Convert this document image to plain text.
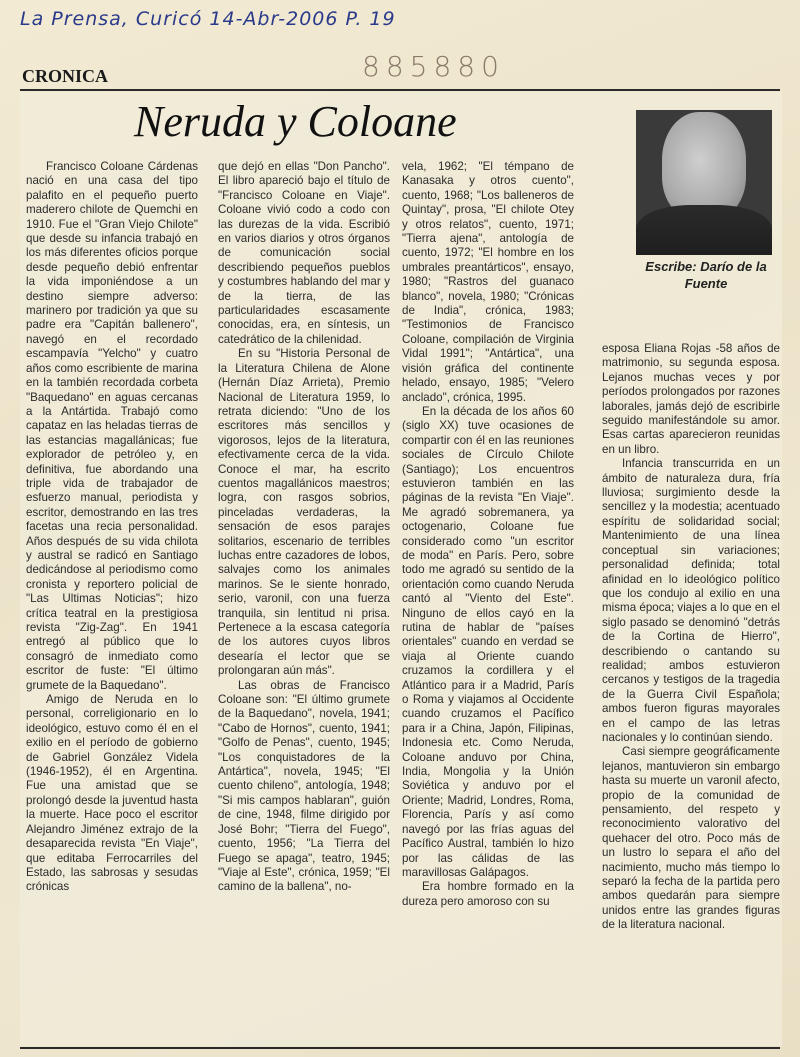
La Prensa, Curicó 14-Abr-2006 P. 19
885880
CRONICA
Neruda y Coloane
Escribe: Darío de la Fuente

Francisco Coloane Cárdenas nació en una casa del tipo palafito en el pequeño puerto maderero chilote de Quemchi en 1910. Fue el "Gran Viejo Chilote" que desde su infancia trabajó en los más diferentes oficios porque desde pequeño debió enfrentar la vida imponiéndose a un destino siempre adverso: marinero por tradición ya que su padre era "Capitán ballenero", navegó en el recordado escampavía "Yelcho" y cuatro años como escribiente de marina en la también recordada corbeta "Baquedano" en aguas cercanas a la Antártida. Trabajó como capataz en las heladas tierras de las estancias magallánicas; fue explorador de petróleo y, en definitiva, fue abordando una triple vida de trabajador de esfuerzo manual, periodista y escritor, demostrando en las tres facetas una recia personalidad. Años después de su vida chilota y austral se radicó en Santiago dedicándose al periodismo como cronista y reportero policial de "Las Ultimas Noticias"; hizo crítica teatral en la prestigiosa revista "Zig-Zag". En 1941 entregó al público que lo consagró de inmediato como escritor de fuste: "El último grumete de la Baquedano".

Amigo de Neruda en lo personal, correligionario en lo ideológico, estuvo como él en el exilio en el período de gobierno de Gabriel González Videla (1946-1952), él en Argentina. Fue una amistad que se prolongó desde la juventud hasta la muerte. Hace poco el escritor Alejandro Jiménez extrajo de la desaparecida revista "En Viaje", que editaba Ferrocarriles del Estado, las sabrosas y sesudas crónicas

que dejó en ellas "Don Pancho". El libro apareció bajo el título de "Francisco Coloane en Viaje". Coloane vivió codo a codo con las durezas de la vida. Escribió en varios diarios y otros órganos de comunicación social describiendo pequeños pueblos y costumbres hablando del mar y de la tierra, de las particularidades escasamente conocidas, era, en síntesis, un catedrático de la chilenidad.

En su "Historia Personal de la Literatura Chilena de Alone (Hernán Díaz Arrieta), Premio Nacional de Literatura 1959, lo retrata diciendo: "Uno de los escritores más sencillos y vigorosos, lejos de la literatura, efectivamente cerca de la vida. Conoce el mar, ha escrito cuentos magallánicos maestros; logra, con rasgos sobrios, pinceladas verdaderas, la sensación de esos parajes solitarios, escenario de terribles luchas entre cazadores de lobos, salvajes como los animales marinos. Se le siente honrado, serio, varonil, con una fuerza tranquila, sin lentitud ni prisa. Pertenece a la escasa categoría de los autores cuyos libros desearía el lector que se prolongaran aún más".

Las obras de Francisco Coloane son: "El último grumete de la Baquedano", novela, 1941; "Cabo de Hornos", cuento, 1941; "Golfo de Penas", cuento, 1945; "Los conquistadores de la Antártica", novela, 1945; "El cuento chileno", antología, 1948; "Si mis campos hablaran", guión de cine, 1948, filme dirigido por José Bohr; "Tierra del Fuego", cuento, 1956; "La Tierra del Fuego se apaga", teatro, 1945; "Viaje al Este", crónica, 1959; "El camino de la ballena", no-

vela, 1962; "El témpano de Kanasaka y otros cuento", cuento, 1968; "Los balleneros de Quintay", prosa, "El chilote Otey y otros relatos", cuento, 1971; "Tierra ajena", antología de cuento, 1972; "El hombre en los umbrales preantárticos", ensayo, 1980; "Rastros del guanaco blanco", novela, 1980; "Crónicas de India", crónica, 1983; "Testimonios de Francisco Coloane, compilación de Virginia Vidal 1991"; "Antártica", una visión gráfica del continente helado, ensayo, 1985; "Velero anclado", crónica, 1995.

En la década de los años 60 (siglo XX) tuve ocasiones de compartir con él en las reuniones sociales de Círculo Chilote (Santiago); Los encuentros estuvieron también en las páginas de la revista "En Viaje". Me agradó sobremanera, ya octogenario, Coloane fue considerado como "un escritor de moda" en París. Pero, sobre todo me agradó su sentido de la orientación como cuando Neruda cantó al "Viento del Este". Ninguno de ellos cayó en la rutina de hablar de "países orientales" cuando en verdad se viaja al Oriente cuando cruzamos la cordillera y el Atlántico para ir a Madrid, París o Roma y viajamos al Occidente cuando cruzamos el Pacífico para ir a China, Japón, Filipinas, Indonesia etc. Como Neruda, Coloane anduvo por China, India, Mongolia y la Unión Soviética y anduvo por el Oriente; Madrid, Londres, Roma, Florencia, París y así como navegó por las frías aguas del Pacífico Austral, también lo hizo por las cálidas de las maravillosas Galápagos.

Era hombre formado en la dureza pero amoroso con su

esposa Eliana Rojas -58 años de matrimonio, su segunda esposa. Lejanos muchas veces y por períodos prolongados por razones laborales, jamás dejó de escribirle seguido manifestándole su amor. Esas cartas aparecieron reunidas en un libro.

Infancia transcurrida en un ámbito de naturaleza dura, fría lluviosa; surgimiento desde la sencillez y la modestia; acentuado espíritu de solidaridad social; Mantenimiento de una línea conceptual sin variaciones; personalidad definida; total afinidad en lo ideológico político que los condujo al exilio en una misma época; viajes a lo que en el siglo pasado se denominó "detrás de la Cortina de Hierro", describiendo o cantando su realidad; ambos estuvieron cercanos y testigos de la tragedia de la Guerra Civil Española; ambos fueron figuras mayorales en el campo de las letras nacionales y lo continúan siendo.

Casi siempre geográficamente lejanos, mantuvieron sin embargo hasta su muerte un varonil afecto, propio de la comunidad de pensamiento, del respeto y reconocimiento valorativo del quehacer del otro. Poco más de un lustro lo separa el año del nacimiento, mucho más tiempo lo separó la fecha de la partida pero ambos quedarán para siempre unidos entre las grandes figuras de la literatura nacional.
